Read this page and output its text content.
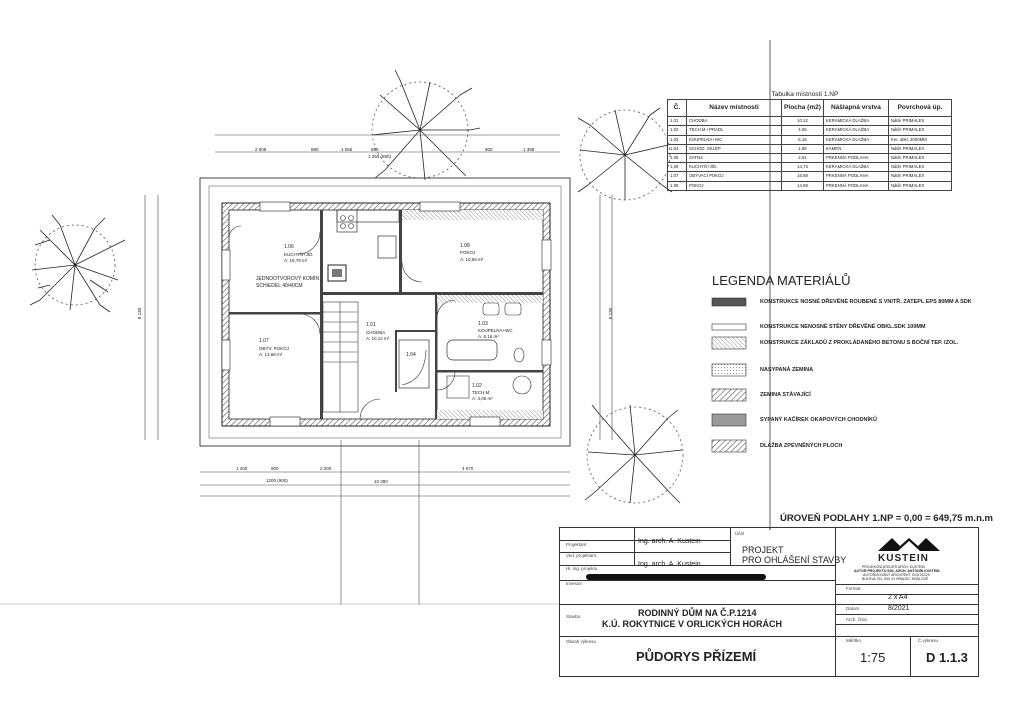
1.06
KUCHYŇ+JÍD.
A: 16,78 m²
JEDNOOTVOROVÝ KOMÍN
SCHIEDEL 40/40CM
1.08
POKOJ
A: 10,69 m²
1.07
OBÝV. POKOJ
A: 13,68 m²
1.01
CHODBA
A: 10,12 m²
1.03
KOUPELNA+WC
A: 6,16 m²
1.02
TECH.M.
A: 4,06 m²
1.04
2 508	880	1 056	880
1 250 (880)
900	1 388
1 400	900	2 200	4 670
1200 (900)	10 380
8 130	8 130
Tabulka místností 1.NP				
Č.	Název místnosti	Plocha (m2)	Nášlapná vrstva	Povrchová úp.
1.01	CHODBA	10,12	KERAMICKÁ DLAŽBA	Nátěr PRIMALEX
1.02	TECH.M.+PRÁDL	4,06	KERAMICKÁ DLAŽBA	Nátěr PRIMALEX
1.03	KOUPELNA+WC	6,16	KERAMICKÁ DLAŽBA	Ker. obkl. 2000MM
1.04	SCHOD. SKLEP	1,86	KÁMEN	Nátěr PRIMALEX
1.05	SATNA	2,61	PRKENNÁ PODLAHA	Nátěr PRIMALEX
1.06	KUCHYŇ+JÍD.	14,73	KERAMICKÁ DLAŽBA	Nátěr PRIMALEX
1.07	OBÝVACÍ POKOJ	16,68	PRKENNÁ PODLAHA	Nátěr PRIMALEX
1.08	POKOJ	14,69	PRKENNÁ PODLAHA	Nátěr PRIMALEX
LEGENDA MATERIÁLŮ
KONSTRUKCE NOSNÉ DŘEVĚNÉ ROUBENÉ S VNITŘ. ZATEPL EPS 80MM A SDK
KONSTRUKCE NENOSNÉ STĚNY DŘEVĚNÉ OBKL.SDK 100MM
KONSTRUKCE ZÁKLADŮ Z PROKLÁDANÉHO BETONU S BOČNÍ TEP. IZOL.
NASYPANÁ ZEMINA
ZEMINA STÁVAJÍCÍ
SYPANÝ KAČÍREK OKAPOVÝCH CHODNÍKŮ
DLAŽBA ZPEVNĚNÝCH PLOCH
ÚROVEŇ PODLAHY 1.NP = 0,00 = 649,75 m.n.m
Projektant
Ved. projektant
Hl. ing. projektu
Investor
Stavba
Obsah výkresu
Účel
Formát
Datum
Arch. číslo
Měřítko	Č.výkresu
Ing. arch. A. Kustein
Ing. arch. A. Kustein
PROJEKT
PRO OHLÁŠENÍ STAVBY	KUSTEIN
PROJEKČNÍ ATELIÉR ARCH. KUSTEIN
AUTOR PROJEKTU ING. ARCH. ANTONÍN KUSTEIN
AUTORIZOVANÝ ARCHITEKT ČKA 02229
BOLEVA 761, 500 03 HRADEC KRÁLOVÉ
2 x A4
8/2021
RODINNÝ DŮM NA Č.P.1214
K.Ú. ROKYTNICE V ORLICKÝCH HORÁCH
PŮDORYS PŘÍZEMÍ	1:75	D 1.1.3
